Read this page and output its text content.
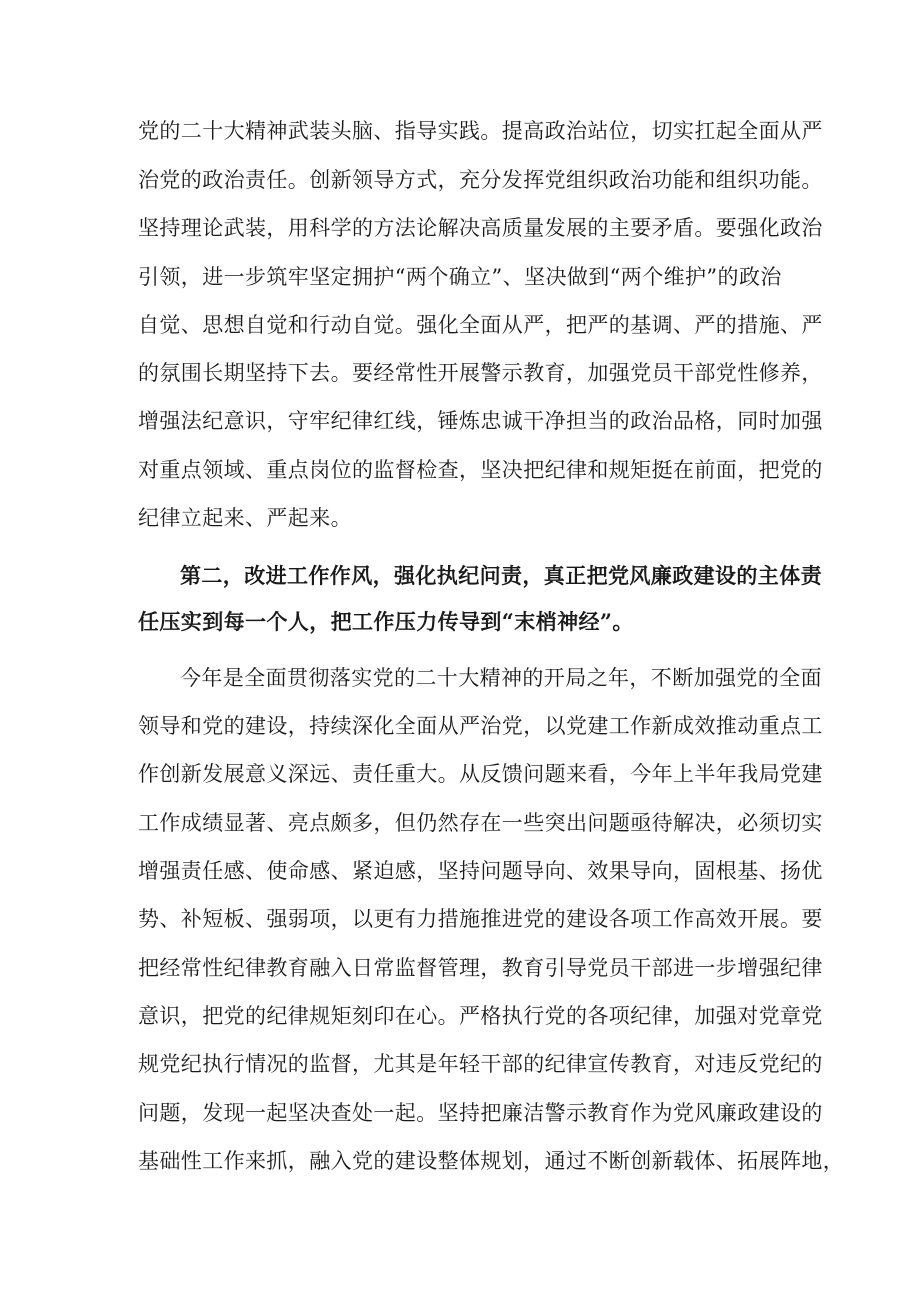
党的二十大精神武装头脑、指导实践。提高政治站位，切实扛起全面从严
治党的政治责任。创新领导方式，充分发挥党组织政治功能和组织功能。
坚持理论武装，用科学的方法论解决高质量发展的主要矛盾。要强化政治
引领，进一步筑牢坚定拥护“两个确立”、坚决做到“两个维护”的政治
自觉、思想自觉和行动自觉。强化全面从严，把严的基调、严的措施、严
的氛围长期坚持下去。要经常性开展警示教育，加强党员干部党性修养，
增强法纪意识，守牢纪律红线，锤炼忠诚干净担当的政治品格，同时加强
对重点领域、重点岗位的监督检查，坚决把纪律和规矩挺在前面，把党的
纪律立起来、严起来。
第二，改进工作作风，强化执纪问责，真正把党风廉政建设的主体责
任压实到每一个人，把工作压力传导到“末梢神经”。
今年是全面贯彻落实党的二十大精神的开局之年，不断加强党的全面
领导和党的建设，持续深化全面从严治党，以党建工作新成效推动重点工
作创新发展意义深远、责任重大。从反馈问题来看，今年上半年我局党建
工作成绩显著、亮点颇多，但仍然存在一些突出问题亟待解决，必须切实
增强责任感、使命感、紧迫感，坚持问题导向、效果导向，固根基、扬优
势、补短板、强弱项，以更有力措施推进党的建设各项工作高效开展。要
把经常性纪律教育融入日常监督管理，教育引导党员干部进一步增强纪律
意识，把党的纪律规矩刻印在心。严格执行党的各项纪律，加强对党章党
规党纪执行情况的监督，尤其是年轻干部的纪律宣传教育，对违反党纪的
问题，发现一起坚决查处一起。坚持把廉洁警示教育作为党风廉政建设的
基础性工作来抓，融入党的建设整体规划，通过不断创新载体、拓展阵地，
